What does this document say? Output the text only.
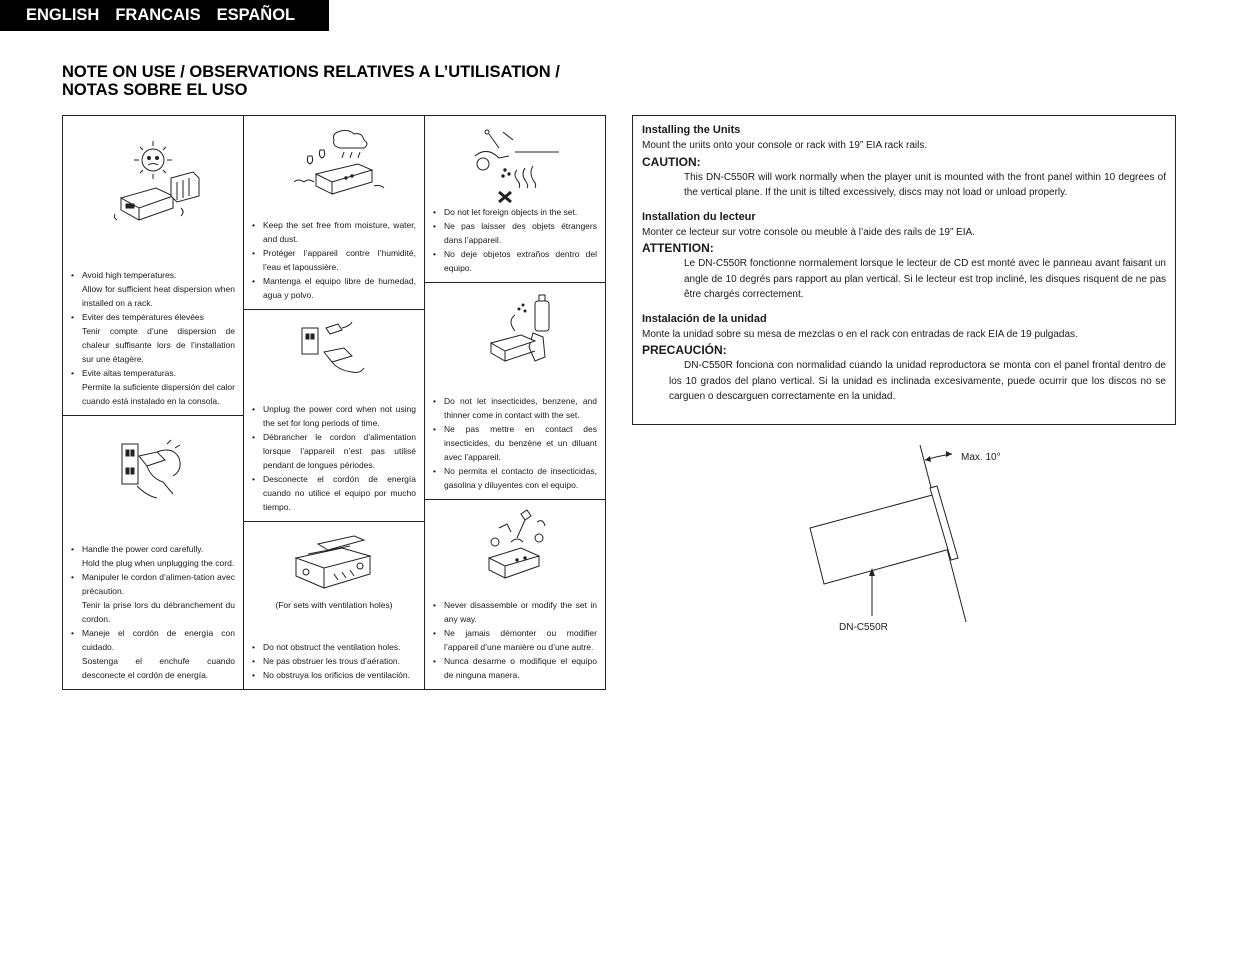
ENGLISH FRANCAIS ESPAÑOL
NOTE ON USE / OBSERVATIONS RELATIVES A L’UTILISATION /
NOTAS SOBRE EL USO
• Avoid high temperatures.
Allow for sufficient heat dispersion when installed on a rack.
• Eviter des températures élevées
Tenir compte d’une dispersion de chaleur suffisante lors de l’installation sur une étagère.
• Evite altas temperaturas.
Permite la suficiente dispersión del calor cuando está instalado en la consola.
• Handle the power cord carefully.
Hold the plug when unplugging the cord.
• Manipuler le cordon d’alimen-tation avec précaution.
Tenir la prise lors du débranchement du cordon.
• Maneje el cordón de energía con cuidado.
Sostenga el enchufe cuando desconecte el cordón de energía.
• Keep the set free from moisture, water, and dust.
• Protéger l’appareil contre l’humidité, l’eau et lapoussière.
• Mantenga el equipo libre de humedad, agua y polvo.
• Unplug the power cord when not using the set for long periods of time.
• Débrancher le cordon d’alimentation lorsque l’appareil n’est pas utilisé pendant de longues périodes.
• Desconecte el cordón de energía cuando no utilice el equipo por mucho tiempo.
(For sets with ventilation holes)
• Do not obstruct the ventilation holes.
• Ne pas obstruer les trous d’aération.
• No obstruya los orificios de ventilación.
• Do not let foreign objects in the set.
• Ne pas laisser des objets étrangers dans l’appareil.
• No deje objetos extraños dentro del equipo.
• Do not let insecticides, benzene, and thinner come in contact with the set.
• Ne pas mettre en contact des insecticides, du benzène et un diluant avec l’appareil.
• No permita el contacto de insecticidas, gasolina y diluyentes con el equipo.
• Never disassemble or modify the set in any way.
• Ne jamais démonter ou modifier l’appareil d’une manière ou d’une autre.
• Nunca desarme o modifique el equipo de ninguna manera.
Installing the Units
Mount the units onto your console or rack with 19” EIA rack rails.
CAUTION:
This DN-C550R will work normally when the player unit is mounted with the front panel within 10 degrees of the vertical plane. If the unit is tilted excessively, discs may not load or unload properly.
Installation du lecteur
Monter ce lecteur sur votre console ou meuble à l’aide des rails de 19” EIA.
ATTENTION:
Le DN-C550R fonctionne normalement lorsque le lecteur de CD est monté avec le panneau avant faisant un angle de 10 degrés pars rapport au plan vertical. Si le lecteur est trop incliné, les disques risquent de ne pas être chargés correctement.
Instalación de la unidad
Monte la unidad sobre su mesa de mezclas o en el rack con entradas de rack EIA de 19 pulgadas.
PRECAUCIÓN:
DN-C550R fonciona con normalidad cuando la unidad reproductora se monta con el panel frontal dentro de los 10 grados del plano vertical. Si la unidad es inclinada excesivamente, puede ocurrir que los discos no se carguen o descarguen correctamente en la unidad.
Max. 10°
DN-C550R
